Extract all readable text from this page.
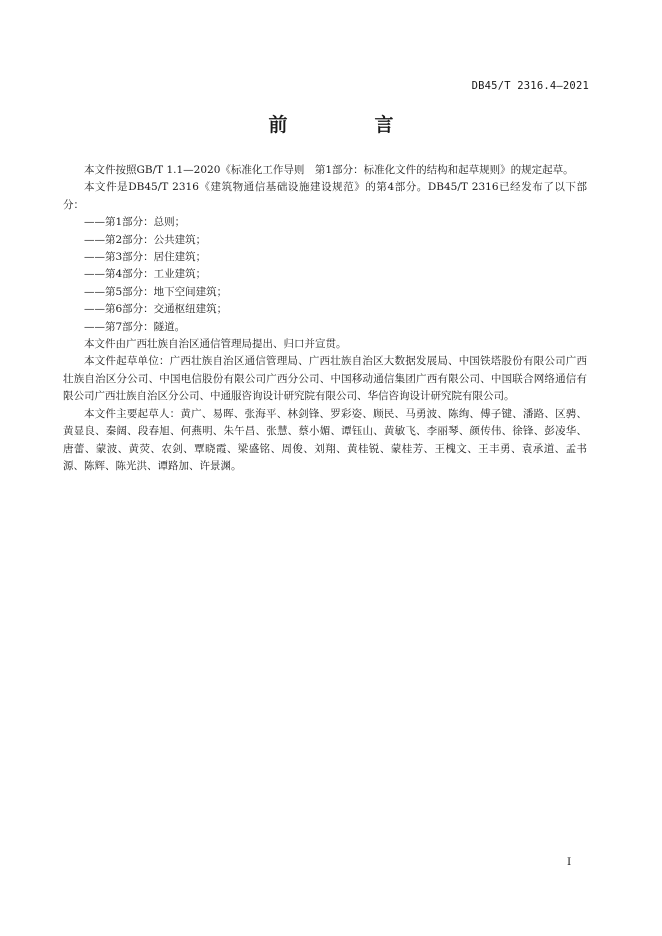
DB45/T 2316.4—2021
前　言

本文件按照GB/T 1.1—2020《标准化工作导则　第1部分：标准化文件的结构和起草规则》的规定起草。

本文件是DB45/T 2316《建筑物通信基础设施建设规范》的第4部分。DB45/T 2316已经发布了以下部分：

——第1部分：总则；

——第2部分：公共建筑；

——第3部分：居住建筑；

——第4部分：工业建筑；

——第5部分：地下空间建筑；

——第6部分：交通枢纽建筑；

——第7部分：隧道。

本文件由广西壮族自治区通信管理局提出、归口并宣贯。

本文件起草单位：广西壮族自治区通信管理局、广西壮族自治区大数据发展局、中国铁塔股份有限公司广西壮族自治区分公司、中国电信股份有限公司广西分公司、中国移动通信集团广西有限公司、中国联合网络通信有限公司广西壮族自治区分公司、中通服咨询设计研究院有限公司、华信咨询设计研究院有限公司。

本文件主要起草人：黄广、易晖、张海平、林剑锋、罗彩姿、顾民、马勇波、陈绚、傅子键、潘路、区骋、黄显良、秦阔、段春旭、何燕明、朱午昌、张慧、蔡小媚、谭钰山、黄敏飞、李丽琴、颜传伟、徐锋、彭凌华、唐蕾、蒙波、黄荧、农剑、覃晓霞、梁盛铭、周俊、刘翔、黄桂锐、蒙桂芳、王槐文、王丰勇、袁承道、孟书源、陈辉、陈光洪、谭路加、许景渊。

I
